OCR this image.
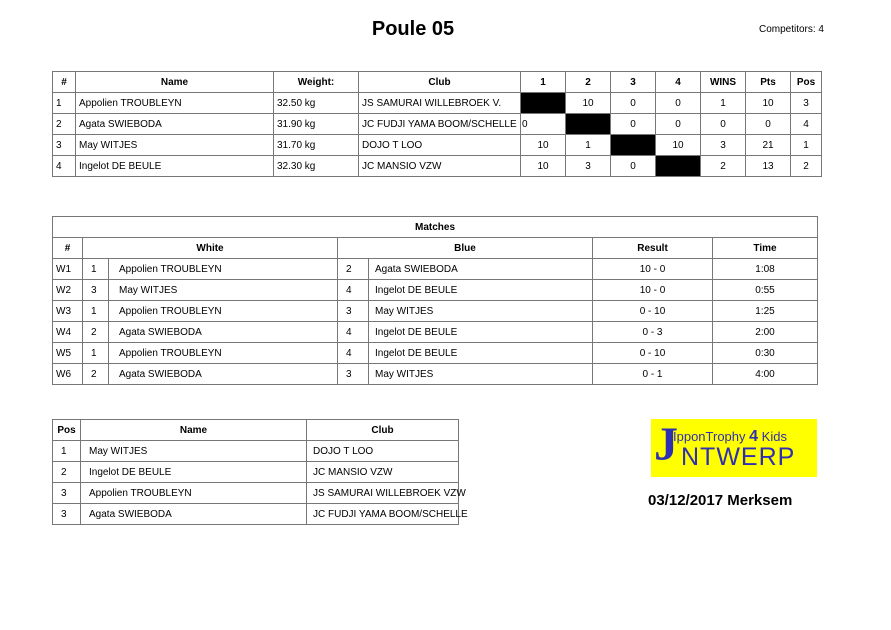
Poule 05	Competitors: 4
#	Name	Weight:	Club	1	2	3	4	WINS	Pts	Pos
1	Appolien TROUBLEYN	32.50 kg	JS SAMURAI WILLEBROEK V.		10	0	0	1	10	3
2	Agata SWIEBODA	31.90 kg	JC FUDJI YAMA BOOM/SCHELLE	0		0	0	0	0	4
3	May WITJES	31.70 kg	DOJO T LOO	10	1		10	3	21	1
4	Ingelot DE BEULE	32.30 kg	JC MANSIO VZW	10	3	0		2	13	2
Matches						
#	White		Blue		Result	Time
W1	1	Appolien TROUBLEYN	2	Agata SWIEBODA	10 - 0	1:08
W2	3	May WITJES	4	Ingelot DE BEULE	10 - 0	0:55
W3	1	Appolien TROUBLEYN	3	May WITJES	0 - 10	1:25
W4	2	Agata SWIEBODA	4	Ingelot DE BEULE	0 - 3	2:00
W5	1	Appolien TROUBLEYN	4	Ingelot DE BEULE	0 - 10	0:30
W6	2	Agata SWIEBODA	3	May WITJES	0 - 1	4:00
Pos	Name	Club
1	May WITJES	DOJO T LOO
2	Ingelot DE BEULE	JC MANSIO VZW
3	Appolien TROUBLEYN	JS SAMURAI WILLEBROEK VZW
3	Agata SWIEBODA	JC FUDJI YAMA BOOM/SCHELLE
J
IpponTrophy 4 Kids
NTWERP
03/12/2017 Merksem
